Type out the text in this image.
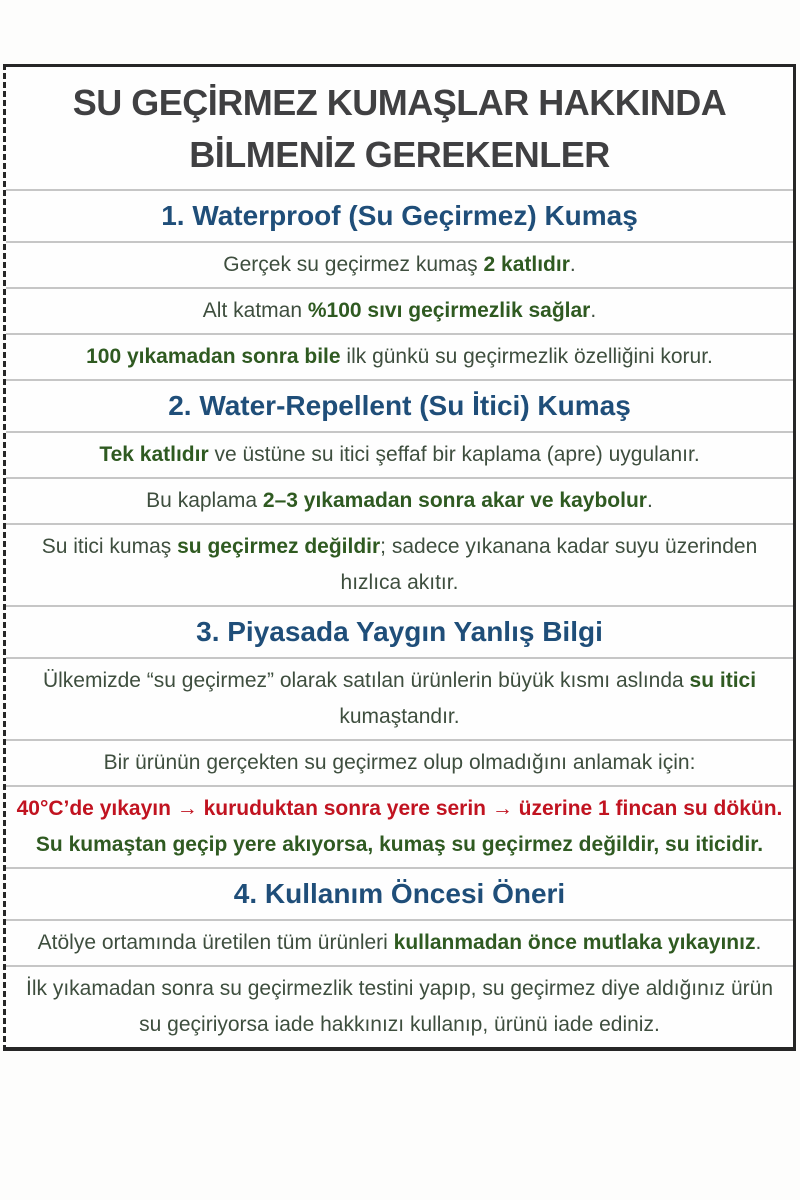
SU GEÇİRMEZ KUMAŞLAR HAKKINDA BİLMENİZ GEREKENLER
1. Waterproof (Su Geçirmez) Kumaş
Gerçek su geçirmez kumaş 2 katlıdır.
Alt katman %100 sıvı geçirmezlik sağlar.
100 yıkamadan sonra bile ilk günkü su geçirmezlik özelliğini korur.
2. Water-Repellent (Su İtici) Kumaş
Tek katlıdır ve üstüne su itici şeffaf bir kaplama (apre) uygulanır.
Bu kaplama 2–3 yıkamadan sonra akar ve kaybolur.
Su itici kumaş su geçirmez değildir; sadece yıkanana kadar suyu üzerinden hızlıca akıtır.
3. Piyasada Yaygın Yanlış Bilgi
Ülkemizde “su geçirmez” olarak satılan ürünlerin büyük kısmı aslında su itici kumaştandır.
Bir ürünün gerçekten su geçirmez olup olmadığını anlamak için:
40°C’de yıkayın → kuruduktan sonra yere serin → üzerine 1 fincan su dökün. Su kumaştan geçip yere akıyorsa, kumaş su geçirmez değildir, su iticidir.
4. Kullanım Öncesi Öneri
Atölye ortamında üretilen tüm ürünleri kullanmadan önce mutlaka yıkayınız.
İlk yıkamadan sonra su geçirmezlik testini yapıp, su geçirmez diye aldığınız ürün su geçiriyorsa iade hakkınızı kullanıp, ürünü iade ediniz.
